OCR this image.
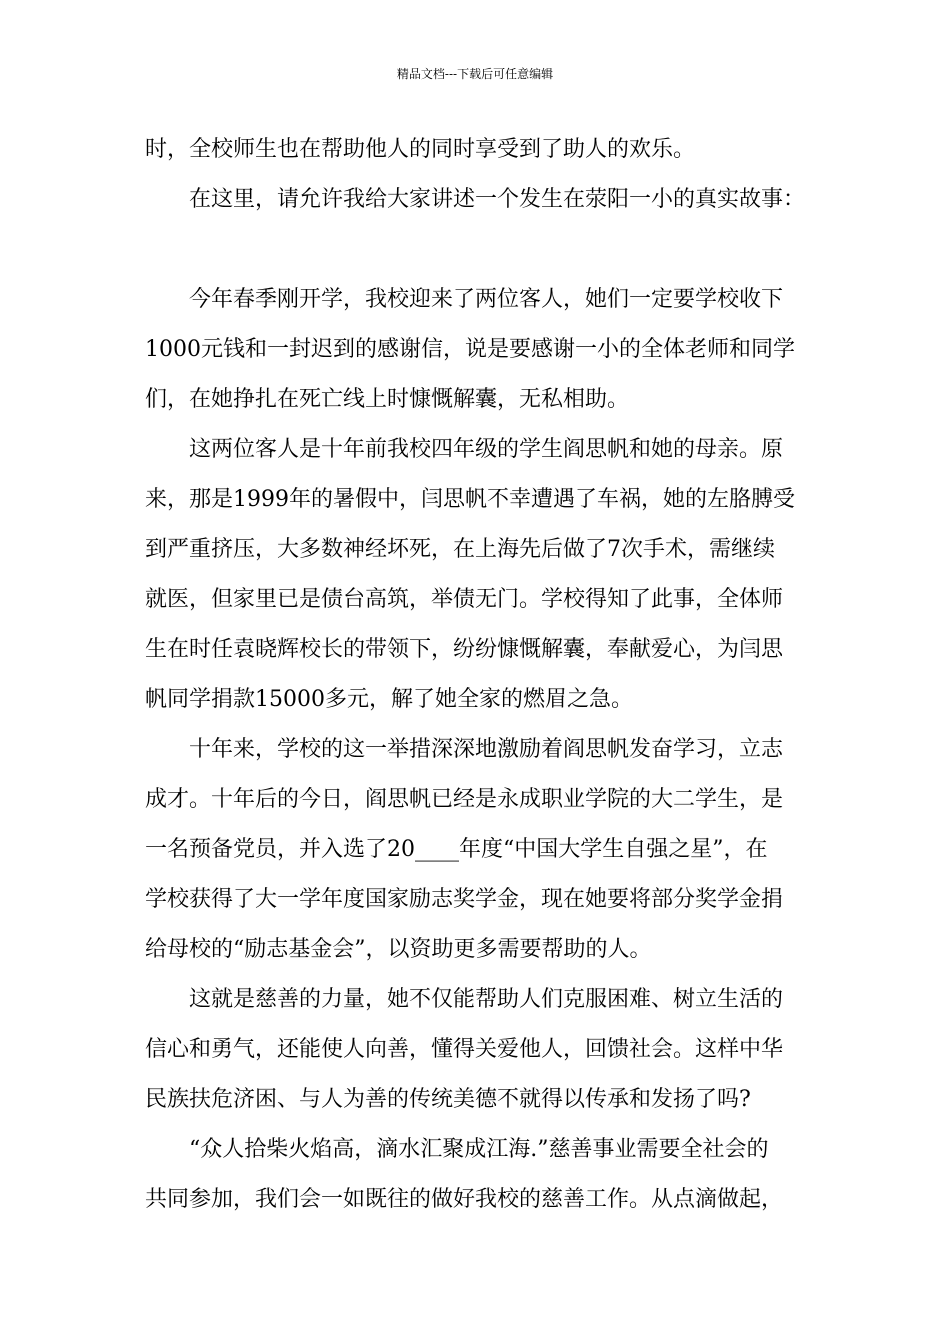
精品文档---下载后可任意编辑
时，全校师生也在帮助他人的同时享受到了助人的欢乐。
　　在这里，请允许我给大家讲述一个发生在荥阳一小的真实故事：
　　今年春季刚开学，我校迎来了两位客人，她们一定要学校收下
1000元钱和一封迟到的感谢信，说是要感谢一小的全体老师和同学
们，在她挣扎在死亡线上时慷慨解囊，无私相助。
　　这两位客人是十年前我校四年级的学生阎思帆和她的母亲。原
来，那是1999年的暑假中，闫思帆不幸遭遇了车祸，她的左胳膊受
到严重挤压，大多数神经坏死，在上海先后做了7次手术，需继续
就医，但家里已是债台高筑，举债无门。学校得知了此事，全体师
生在时任袁晓辉校长的带领下，纷纷慷慨解囊，奉献爱心，为闫思
帆同学捐款15000多元，解了她全家的燃眉之急。
　　十年来，学校的这一举措深深地激励着阎思帆发奋学习，立志
成才。十年后的今日，阎思帆已经是永成职业学院的大二学生，是
一名预备党员，并入选了20____年度“中国大学生自强之星”，在
学校获得了大一学年度国家励志奖学金，现在她要将部分奖学金捐
给母校的“励志基金会”，以资助更多需要帮助的人。
　　这就是慈善的力量，她不仅能帮助人们克服困难、树立生活的
信心和勇气，还能使人向善，懂得关爱他人，回馈社会。这样中华
民族扶危济困、与人为善的传统美德不就得以传承和发扬了吗?
　　“众人拾柴火焰高，滴水汇聚成江海.”慈善事业需要全社会的
共同参加，我们会一如既往的做好我校的慈善工作。从点滴做起，
